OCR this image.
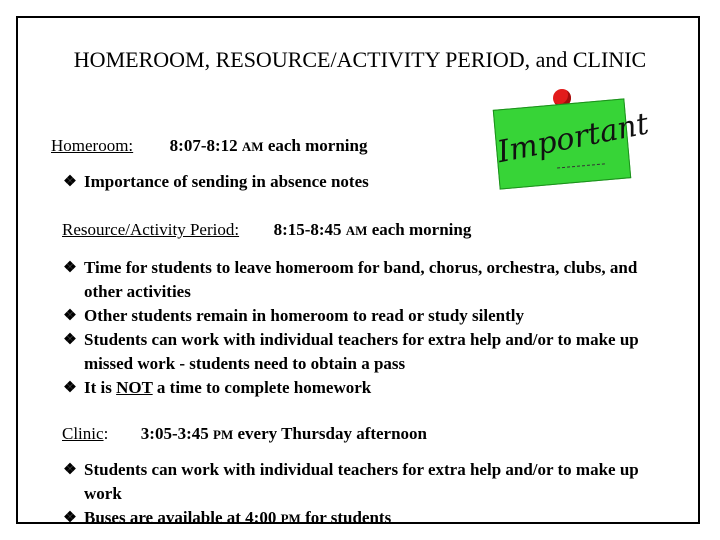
HOMEROOM, RESOURCE/ACTIVITY PERIOD, and CLINIC
Important
Homeroom: 8:07-8:12 AM each morning
❖ Importance of sending in absence notes
Resource/Activity Period: 8:15-8:45 AM each morning
❖ Time for students to leave homeroom for band, chorus, orchestra, clubs, and other activities
❖ Other students remain in homeroom to read or study silently
❖ Students can work with individual teachers for extra help and/or to make up missed work - students need to obtain a pass
❖ It is NOT a time to complete homework
Clinic: 3:05-3:45 PM every Thursday afternoon
❖ Students can work with individual teachers for extra help and/or to make up work
❖ Buses are available at 4:00 PM for students
